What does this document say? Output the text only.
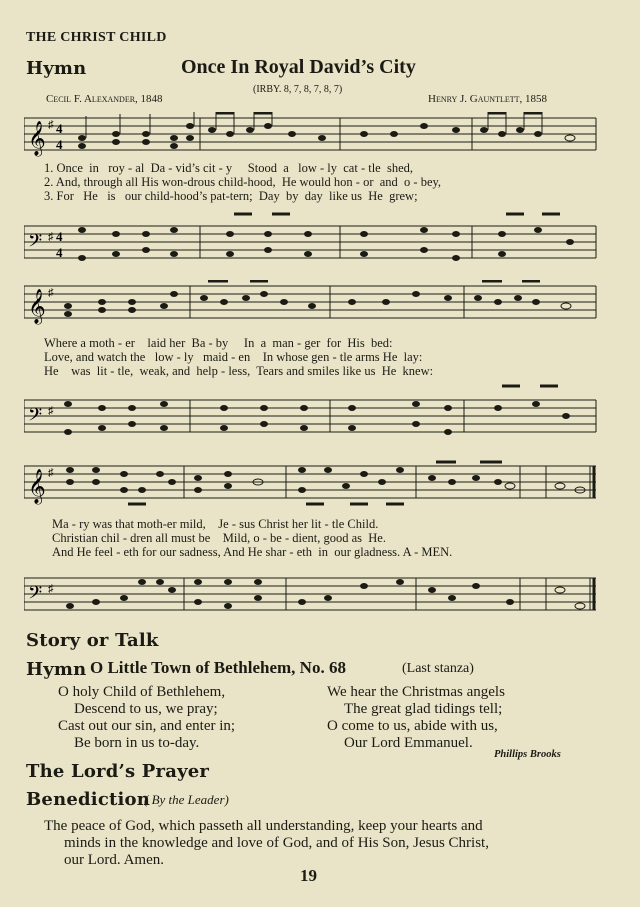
THE CHRIST CHILD
Hymn	Once In Royal David’s City
(IRBY. 8, 7, 8, 7, 8, 7)
Cecil F. Alexander, 1848	Henry J. Gauntlett, 1858
𝄞 ♯ 4
4
1. Once  in   roy - al  Da - vid’s cit - y     Stood  a   low - ly  cat - tle  shed,
2. And, through all His won-drous child-hood,  He would hon - or  and  o - bey,
3. For   He   is   our child-hood’s pat-tern;  Day  by  day  like us  He  grew;
𝄢 ♯ 4
4
𝄞 ♯
Where a moth - er    laid her  Ba - by     In  a  man - ger  for  His  bed:
Love, and watch the   low - ly   maid - en    In whose gen - tle arms He  lay:
He    was  lit - tle,  weak, and  help - less,  Tears and smiles like us  He  knew:
𝄢 ♯
𝄞 ♯
Ma - ry was that moth-er mild,    Je - sus Christ her lit - tle Child.
Christian chil - dren all must be    Mild, o - be - dient, good as  He.
And He feel - eth for our sadness, And He shar - eth  in  our gladness. A - MEN.
𝄢 ♯
Story or Talk
Hymn O Little Town of Bethlehem, No. 68	(Last stanza)
O holy Child of Bethlehem,
Descend to us, we pray;
Cast out our sin, and enter in;
Be born in us to-day.
We hear the Christmas angels
The great glad tidings tell;
O come to us, abide with us,
Our Lord Emmanuel.
Phillips Brooks
The Lord’s Prayer
Benediction
( By the Leader)
The peace of God, which passeth all understanding, keep your hearts and
minds in the knowledge and love of God, and of His Son, Jesus Christ,
our Lord. Amen.
19
